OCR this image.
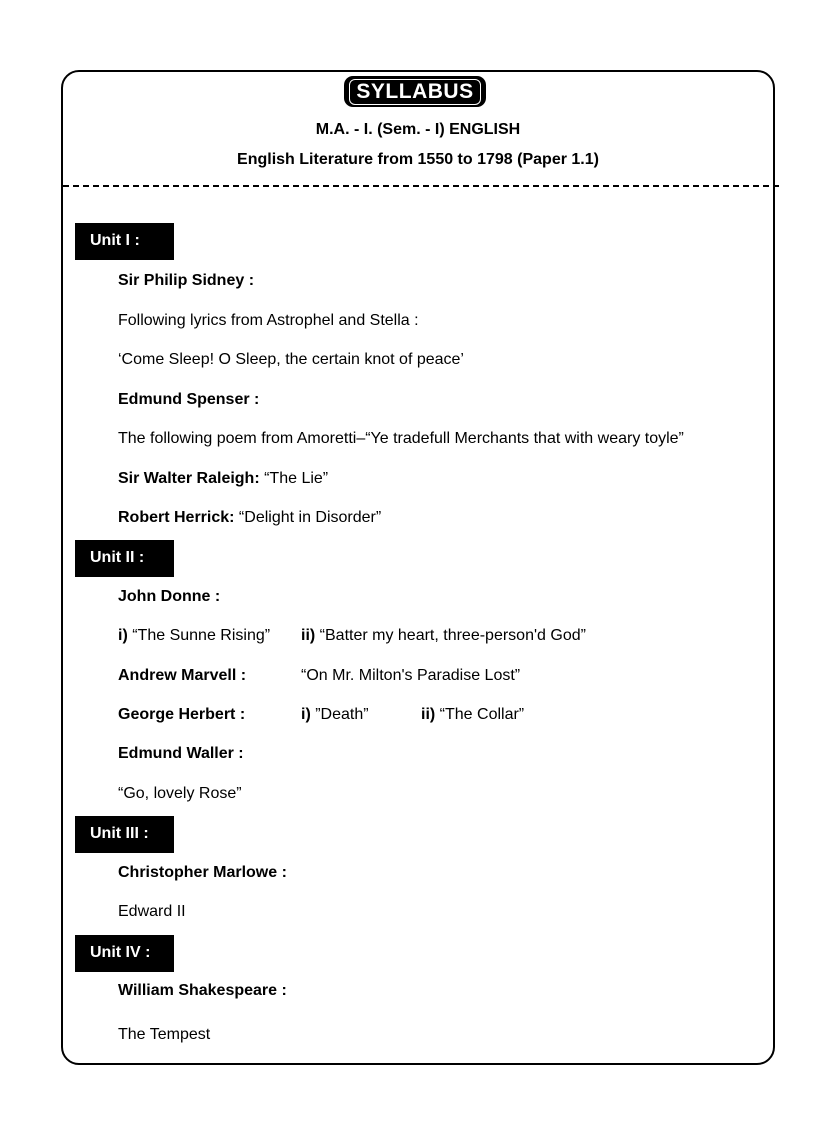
SYLLABUS
M.A. - I. (Sem. - I) ENGLISH
English Literature from 1550 to 1798 (Paper 1.1)
Unit I :
Sir Philip Sidney :
Following lyrics from Astrophel and Stella :
‘Come Sleep! O Sleep, the certain knot of peace’
Edmund Spenser :
The following poem from Amoretti–“Ye tradefull Merchants that with weary toyle”
Sir Walter Raleigh: “The Lie”
Robert Herrick: “Delight in Disorder”
Unit II :
John Donne :
i) “The Sunne Rising” ii) “Batter my heart, three-person'd God”
Andrew Marvell :	“On Mr. Milton's Paradise Lost”
George Herbert :	i) ”Death”	ii) “The Collar”
Edmund Waller :
“Go, lovely Rose”
Unit III :
Christopher Marlowe :
Edward II
Unit IV :
William Shakespeare :
The Tempest
